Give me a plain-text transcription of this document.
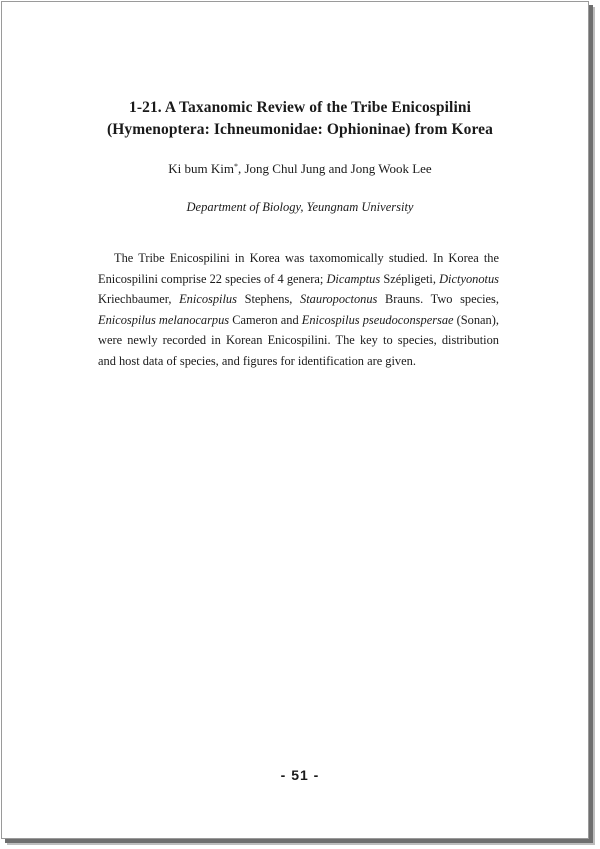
1-21. A Taxanomic Review of the Tribe Enicospilini
(Hymenoptera: Ichneumonidae: Ophioninae) from Korea
Ki bum Kim*, Jong Chul Jung and Jong Wook Lee
Department of Biology, Yeungnam University

The Tribe Enicospilini in Korea was taxomomically studied. In Korea the Enicospilini comprise 22 species of 4 genera; Dicamptus Szépligeti, Dictyonotus Kriechbaumer, Enicospilus Stephens, Stauropoctonus Brauns. Two species, Enicospilus melanocarpus Cameron and Enicospilus pseudoconspersae (Sonan), were newly recorded in Korean Enicospilini. The key to species, distribution and host data of species, and figures for identification are given.

- 51 -
